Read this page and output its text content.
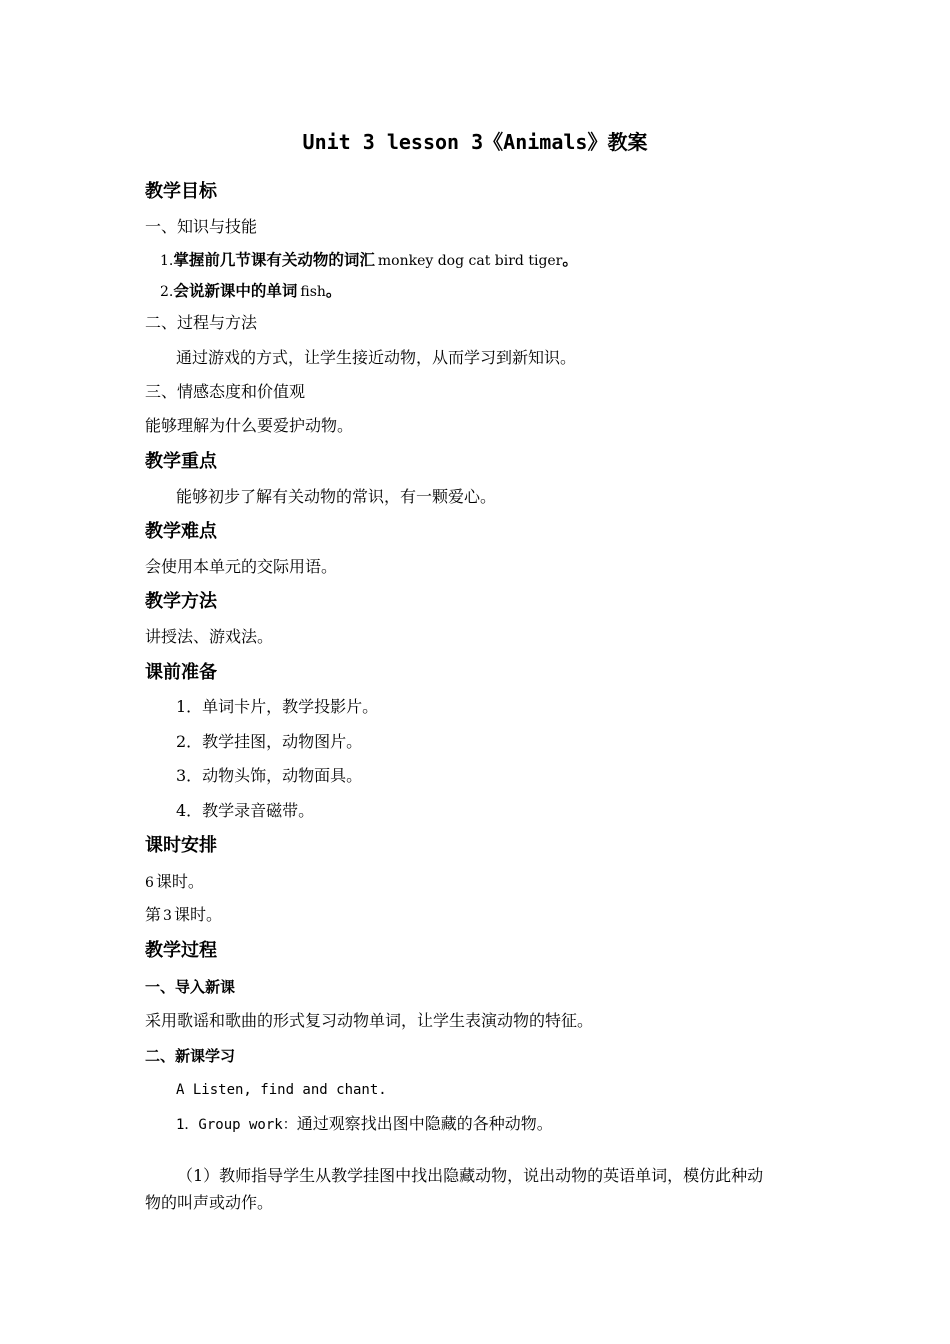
Unit 3 lesson 3《Animals》教案
教学目标
一、知识与技能
1.掌握前几节课有关动物的词汇 monkey dog cat bird tiger。
2.会说新课中的单词 fish。
二、过程与方法
通过游戏的方式，让学生接近动物，从而学习到新知识。
三、情感态度和价值观
能够理解为什么要爱护动物。
教学重点
能够初步了解有关动物的常识，有一颗爱心。
教学难点
会使用本单元的交际用语。
教学方法
讲授法、游戏法。
课前准备
1．单词卡片，教学投影片。
2．教学挂图，动物图片。
3．动物头饰，动物面具。
4．教学录音磁带。
课时安排
6 课时。
第 3 课时。
教学过程
一、导入新课
采用歌谣和歌曲的形式复习动物单词，让学生表演动物的特征。
二、新课学习
A Listen, find and chant.
1．Group work：通过观察找出图中隐藏的各种动物。
（1）教师指导学生从教学挂图中找出隐藏动物，说出动物的英语单词，模仿此种动
物的叫声或动作。
